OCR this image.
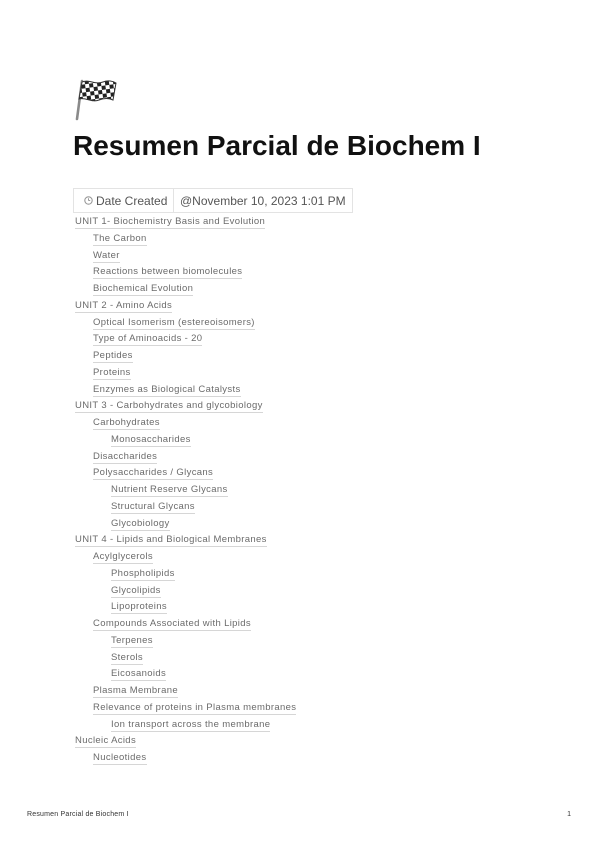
Resumen Parcial de Biochem I
Date Created @November 10, 2023 1:01 PM
UNIT 1- Biochemistry Basis and Evolution
The Carbon
Water
Reactions between biomolecules
Biochemical Evolution
UNIT 2 - Amino Acids
Optical Isomerism (estereoisomers)
Type of Aminoacids - 20
Peptides
Proteins
Enzymes as Biological Catalysts
UNIT 3 - Carbohydrates and glycobiology
Carbohydrates
Monosaccharides
Disaccharides
Polysaccharides / Glycans
Nutrient Reserve Glycans
Structural Glycans
Glycobiology
UNIT 4 - Lipids and Biological Membranes
Acylglycerols
Phospholipids
Glycolipids
Lipoproteins
Compounds Associated with Lipids
Terpenes
Sterols
Eicosanoids
Plasma Membrane
Relevance of proteins in Plasma membranes
Ion transport across the membrane
Nucleic Acids
Nucleotides
Resumen Parcial de Biochem I	1
